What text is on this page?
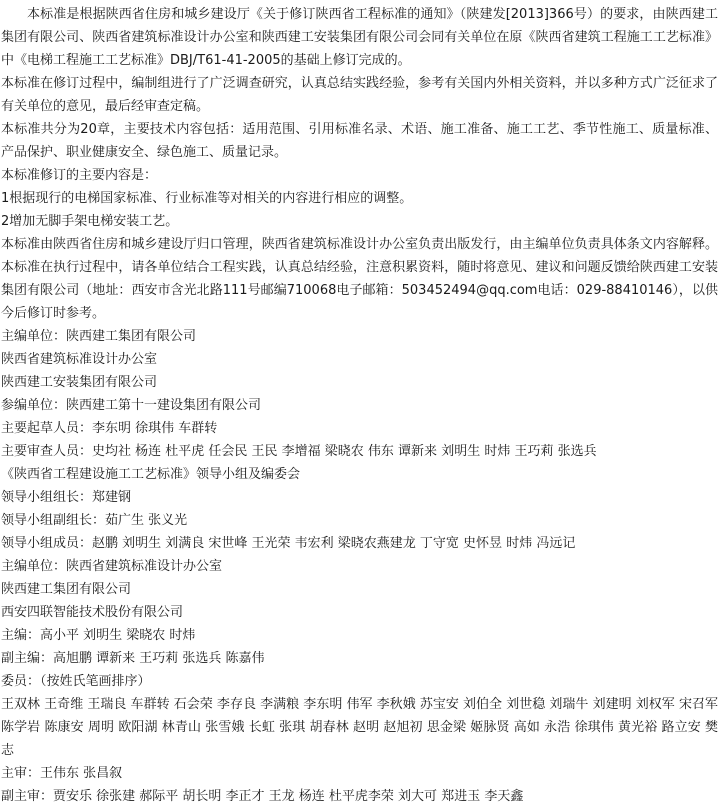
本标准是根据陕西省住房和城乡建设厅《关于修订陕西省工程标准的通知》（陕建发[2013]366号）的要求，由陕西建工集团有限公司、陕西省建筑标准设计办公室和陕西建工安装集团有限公司会同有关单位在原《陕西省建筑工程施工工艺标准》中《电梯工程施工工艺标准》DBJ/T61-41-2005的基础上修订完成的。

本标准在修订过程中，编制组进行了广泛调查研究，认真总结实践经验，参考有关国内外相关资料，并以多种方式广泛征求了有关单位的意见，最后经审查定稿。

本标准共分为20章，主要技术内容包括：适用范围、引用标准名录、术语、施工准备、施工工艺、季节性施工、质量标准、产品保护、职业健康安全、绿色施工、质量记录。

本标准修订的主要内容是：

1根据现行的电梯国家标准、行业标准等对相关的内容进行相应的调整。

2增加无脚手架电梯安装工艺。

本标准由陕西省住房和城乡建设厅归口管理，陕西省建筑标准设计办公室负责出版发行，由主编单位负责具体条文内容解释。本标准在执行过程中，请各单位结合工程实践，认真总结经验，注意积累资料，随时将意见、建议和问题反馈给陕西建工安装集团有限公司（地址：西安市含光北路111号邮编710068电子邮箱：503452494@qq.com电话：029-88410146），以供今后修订时参考。

主编单位：陕西建工集团有限公司

陕西省建筑标准设计办公室

陕西建工安装集团有限公司

参编单位：陕西建工第十一建设集团有限公司

主要起草人员：李东明 徐琪伟 车群转

主要审查人员：史均社 杨连 杜平虎 任会民 王民 李增福 梁晓农 伟东 谭新来 刘明生 时炜 王巧莉 张选兵

《陕西省工程建设施工工艺标准》领导小组及编委会

领导小组组长：郑建钢

领导小组副组长：茹广生 张义光

领导小组成员：赵鹏 刘明生 刘满良 宋世峰 王光荣 韦宏利 梁晓农燕建龙 丁守宽 史怀昱 时炜 冯远记

主编单位：陕西省建筑标准设计办公室

陕西建工集团有限公司

西安四联智能技术股份有限公司

主编：高小平 刘明生 梁晓农 时炜

副主编：高旭鹏 谭新来 王巧莉 张选兵 陈嘉伟

委员：（按姓氏笔画排序）

王双林 王奇维 王瑞良 车群转 石会荣 李存良 李满粮 李东明 伟军 李秋娥 苏宝安 刘伯全 刘世稳 刘瑞牛 刘建明 刘权军 宋召军陈学岩 陈康安 周明 欧阳湖 林青山 张雪娥 长虹 张琪 胡春林 赵明 赵旭初 思金梁 姬脉贤 高如 永浩 徐琪伟 黄光裕 路立安 樊志

主审：王伟东 张昌叙

副主审：贾安乐 徐张建 郝际平 胡长明 李正才 王龙 杨连 杜平虎李荣 刘大可 郑进玉 李天鑫
